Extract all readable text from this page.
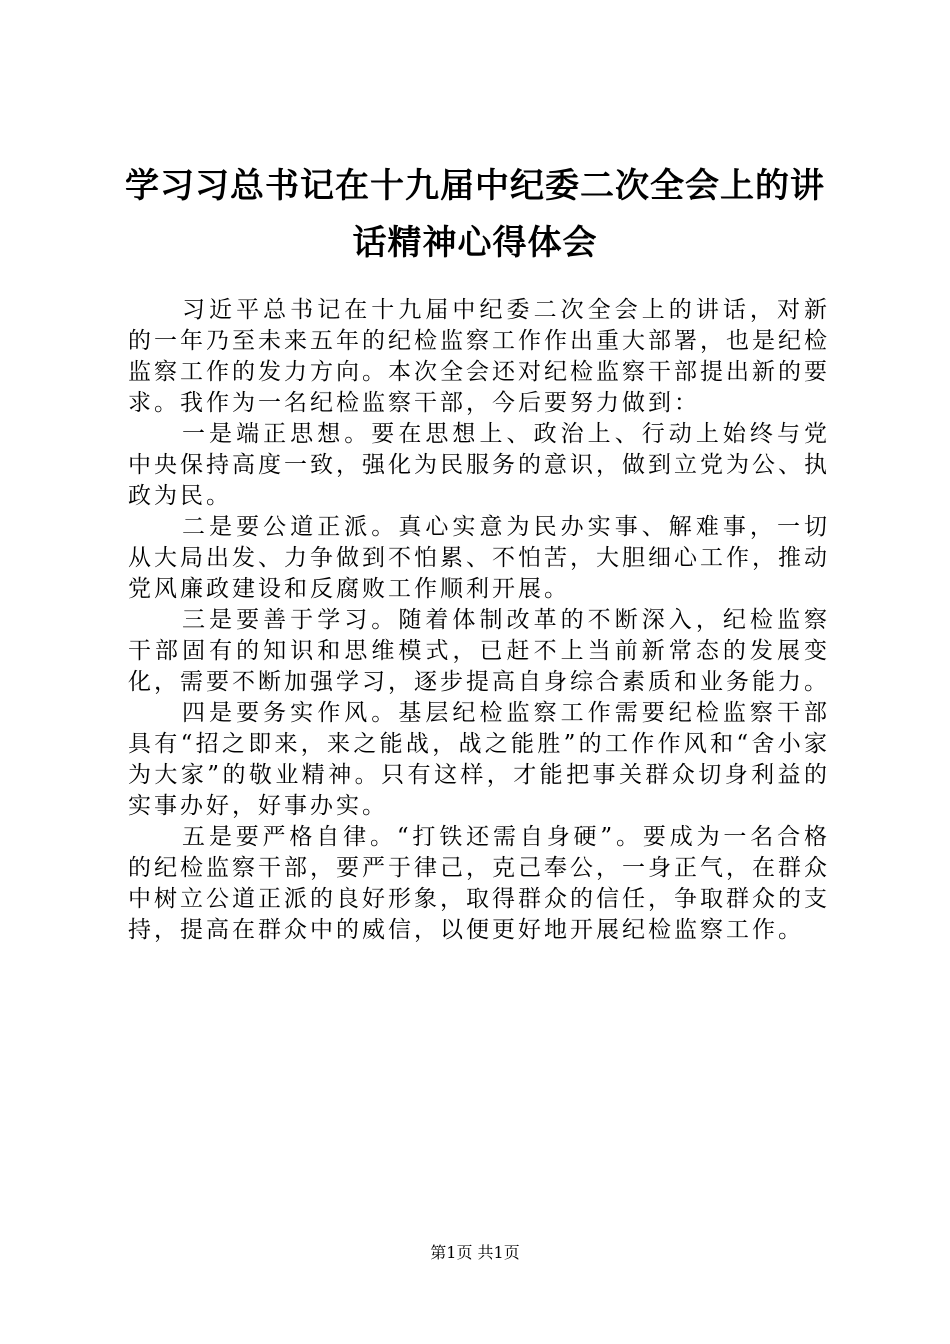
学习习总书记在十九届中纪委二次全会上的讲
话精神心得体会

习近平总书记在十九届中纪委二次全会上的讲话，对新的一年乃至未来五年的纪检监察工作作出重大部署，也是纪检监察工作的发力方向。本次全会还对纪检监察干部提出新的要求。我作为一名纪检监察干部，今后要努力做到：

一是端正思想。要在思想上、政治上、行动上始终与党中央保持高度一致，强化为民服务的意识，做到立党为公、执政为民。

二是要公道正派。真心实意为民办实事、解难事，一切从大局出发、力争做到不怕累、不怕苦，大胆细心工作，推动党风廉政建设和反腐败工作顺利开展。

三是要善于学习。随着体制改革的不断深入，纪检监察干部固有的知识和思维模式，已赶不上当前新常态的发展变化，需要不断加强学习，逐步提高自身综合素质和业务能力。

四是要务实作风。基层纪检监察工作需要纪检监察干部具有“招之即来，来之能战，战之能胜”的工作作风和“舍小家为大家”的敬业精神。只有这样，才能把事关群众切身利益的实事办好，好事办实。

五是要严格自律。“打铁还需自身硬”。要成为一名合格的纪检监察干部，要严于律己，克己奉公，一身正气，在群众中树立公道正派的良好形象，取得群众的信任，争取群众的支持，提高在群众中的威信，以便更好地开展纪检监察工作。

第1页 共1页
